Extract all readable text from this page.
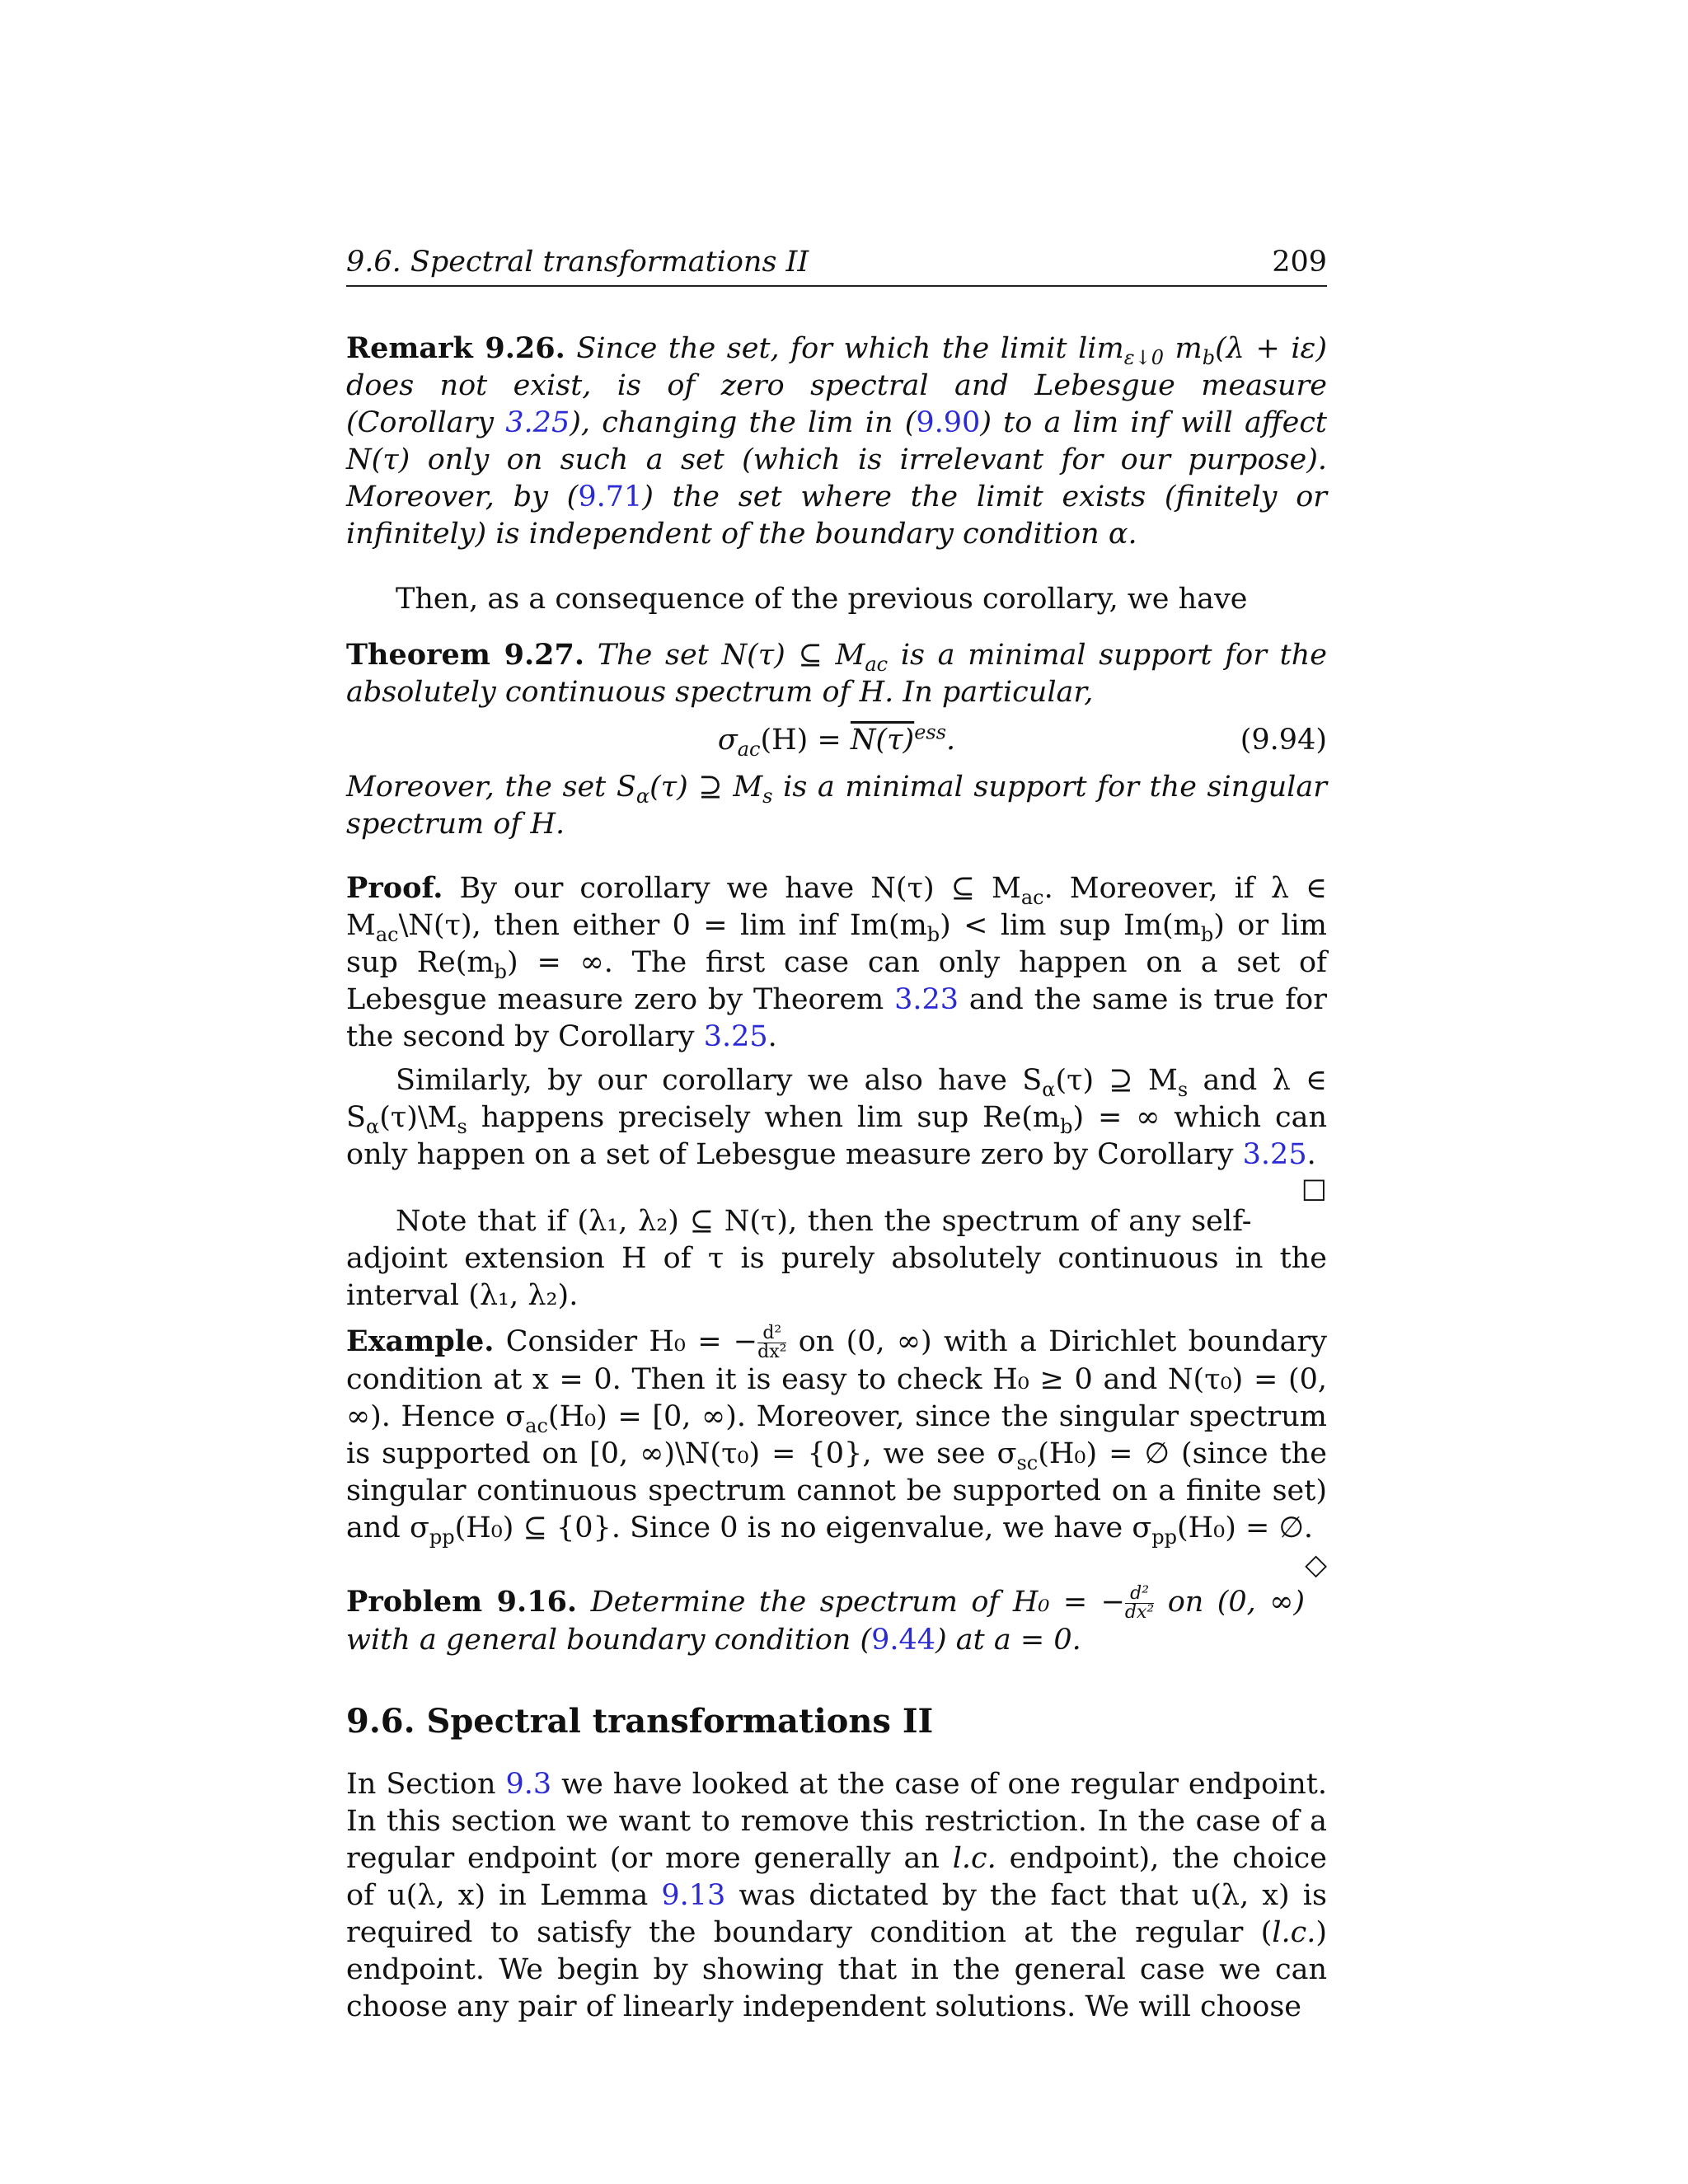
9.6. Spectral transformations II	209
Remark 9.26. Since the set, for which the limit $\lim_{\varepsilon↓0} m_b(\lambda + i\varepsilon)$ does not exist, is of zero spectral and Lebesgue measure (Corollary 3.25), changing the lim in (9.90) to a lim inf will affect N(τ) only on such a set (which is irrelevant for our purpose). Moreover, by (9.71) the set where the limit exists (finitely or infinitely) is independent of the boundary condition α.
Then, as a consequence of the previous corollary, we have
Theorem 9.27. The set N(τ) ⊆ $M_{ac}$ is a minimal support for the absolutely continuous spectrum of H. In particular,
$\sigma_{ac}(H) = N(\tau)^{ess}$.	(9.94)
Moreover, the set $S_\alpha(\tau)$ ⊇ $M_s$ is a minimal support for the singular spectrum of H.
Proof. By our corollary we have N(τ) ⊆ $M_{ac}$. Moreover, if λ ∈ $M_{ac}\backslash N(\tau)$, then either 0 = lim inf $Im(m_b) < \lim$ sup $Im(m_b)$ or lim sup $Re(m_b)$ = ∞. The first case can only happen on a set of Lebesgue measure zero by Theorem 3.23 and the same is true for the second by Corollary 3.25.
Similarly, by our corollary we also have $S_\alpha(\tau)$ ⊇ $M_s$ and λ ∈ $S_\alpha(\tau)\backslash M_s$ happens precisely when lim sup $Re(m_b)$ = ∞ which can only happen on a set of Lebesgue measure zero by Corollary 3.25.
☐
Note that if (λ₁, λ₂) ⊆ N(τ), then the spectrum of any self-adjoint extension H of τ is purely absolutely continuous in the interval (λ₁, λ₂).
Example. Consider H₀ = − $\frac{\text{d²}}{\text{dx²}}$ on (0, ∞) with a Dirichlet boundary condition at x = 0. Then it is easy to check H₀ ≥ 0 and N(τ₀) = (0, ∞). Hence $\sigma_{ac}(H_0) = [0$, ∞). Moreover, since the singular spectrum is supported on [0, ∞)\N(τ₀) = {0}, we see $\sigma_{sc}(H_0)$ = ∅ (since the singular continuous spectrum cannot be supported on a finite set) and $\sigma_{pp}(H_0)$ ⊆ {0}. Since 0 is no eigenvalue, we have $\sigma_{pp}(H_0)$ = ∅.
◇
Problem 9.16. Determine the spectrum of H₀ = − $\frac{\text{d²}}{\text{dx²}}$ on (0, ∞) with a general boundary condition (9.44) at a = 0.
9.6. Spectral transformations II
In Section 9.3 we have looked at the case of one regular endpoint. In this section we want to remove this restriction. In the case of a regular endpoint (or more generally an l.c. endpoint), the choice of u(λ, x) in Lemma 9.13 was dictated by the fact that u(λ, x) is required to satisfy the boundary condition at the regular (l.c.) endpoint. We begin by showing that in the general case we can choose any pair of linearly independent solutions. We will choose
